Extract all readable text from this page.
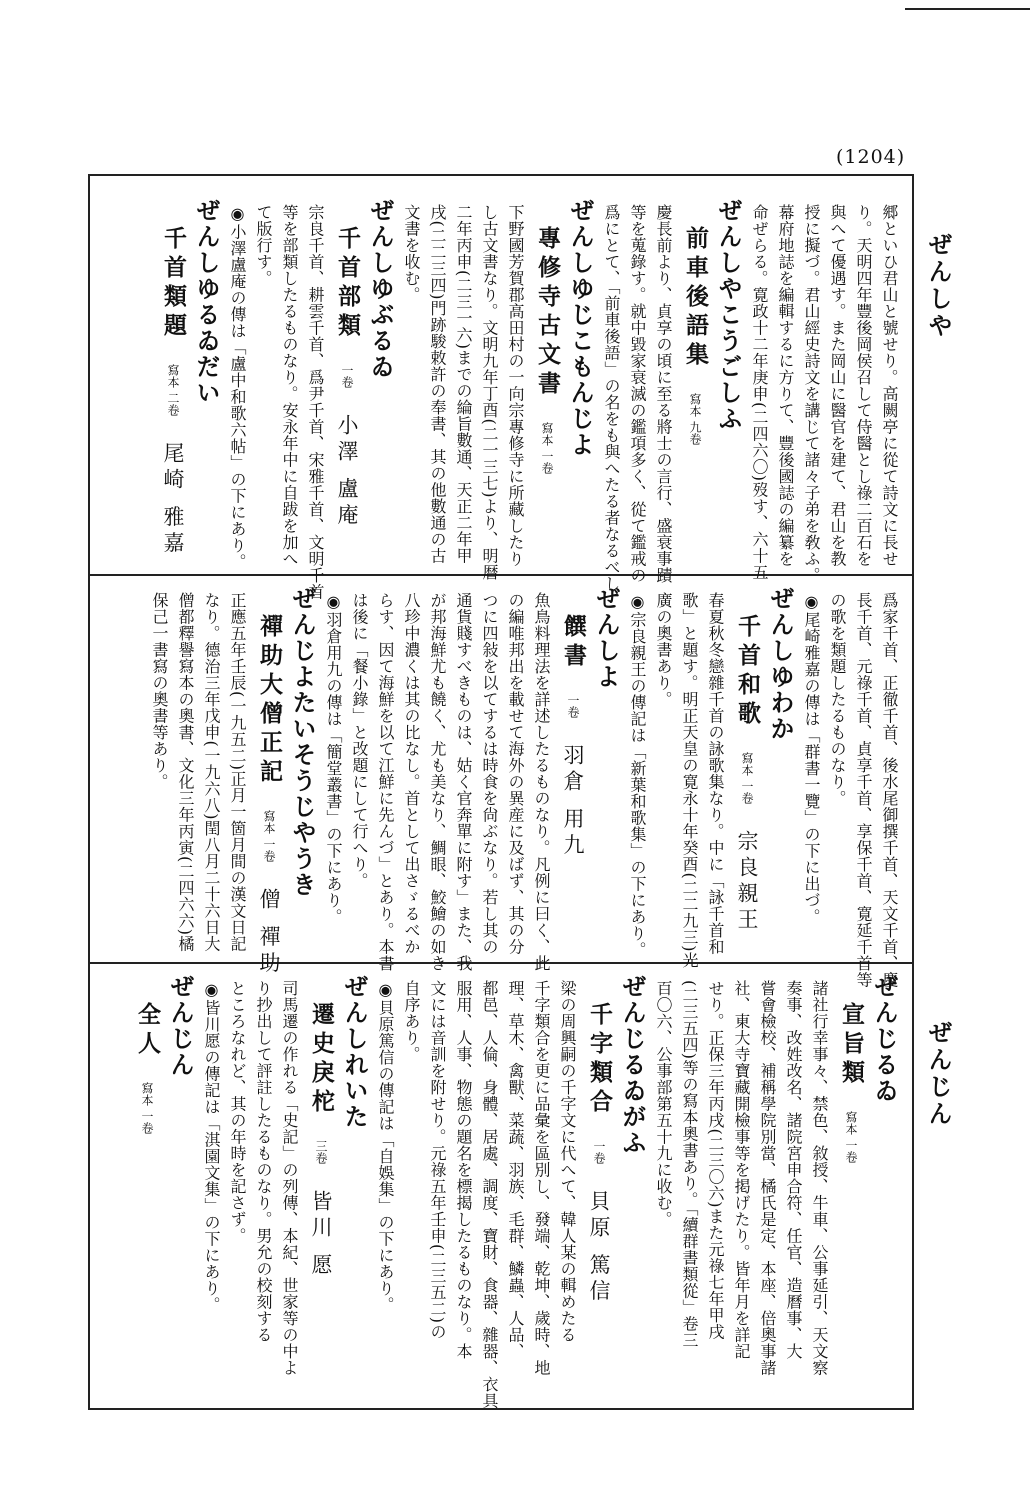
(1204)
ぜんしや
ぜんじん
郷といひ君山と號せり。高闕亭に從て詩文に長せ
り。天明四年豐後岡侯召して侍醫とし祿二百石を
與へて優遇す。また岡山に醫官を建て、君山を教
授に擬づ。君山經史詩文を講じて諸々子弟を敎ふ。
幕府地誌を編輯するに方りて、豐後國誌の編纂を
命ぜらる。寛政十二年庚申(二四六〇)歿す、六十五
ぜんしやこうごしふ
前車後語集寫本 九卷
慶長前より、貞享の頃に至る將士の言行、盛衰事蹟
等を蒐錄す。就中毀家衰滅の鑑項多く、從て鑑戒の
爲にとて、「前車後語」の名をも與へたる者なるべし
ぜんしゆじこもんじよ
專修寺古文書寫本 一卷
下野國芳賀郡高田村の一向宗專修寺に所藏したり
し古文書なり。文明九年丁酉(二一三七)より、明暦
二年丙申(二三一六)までの綸旨數通、天正二年甲
戌(二二三四)門跡駿敕許の奉書、其の他數通の古
文書を收む。
ぜんしゆぶるゐ
千首部類一卷小澤 盧庵
宗良千首、耕雲千首、爲尹千首、宋雅千首、文明千首
等を部類したるものなり。安永年中に自跋を加へ
て版行す。
◉小澤盧庵の傳は「盧中和歌六帖」の下にあり。
ぜんしゆるゐだい
千首類題寫本 二卷尾崎 雅嘉
爲家千首、正徹千首、後水尾御撰千首、天文千首、慶
長千首、元祿千首、貞享千首、享保千首、寛延千首等
の歌を類題したるものなり。
◉尾崎雅嘉の傳は「群書一覽」の下に出づ。
ぜんしゆわか
千首和歌寫本 一卷宗良親王
春夏秋冬戀雜千首の詠歌集なり。中に「詠千首和
歌」と題す。明正天皇の寛永十年癸酉(二二九三)光
廣の奧書あり。
◉宗良親王の傳記は「新葉和歌集」の下にあり。
ぜんしよ
饌書一卷羽倉 用九
魚鳥料理法を詳述したるものなり。凡例に曰く、此
の編唯邦出を載せて海外の異産に及ばず、其の分
つに四敍を以てするは時食を尙ぶなり。若し其の
通貨賤すべきものは、姑く官奔單に附す」また、我
が邦海鮮尤も饒く、尤も美なり、鯛眼、鮫鱠の如き
八珍中濃くは其の比なし。首として出さゞるべか
らす、因て海鮮を以て江鮮に先んづ」とあり。本書
は後に「餐小錄」と改題にして行へり。
◉羽倉用九の傳は「簡堂叢書」の下にあり。
ぜんじよたいそうじやうき
禪助大僧正記寫本 一卷僧 禪助
正應五年壬辰(一九五二)正月一箇月間の漢文日記
なり。德治三年戊申(一九六八)閏八月二十六日大
僧都釋譽寫本の奧書、文化三年丙寅(二四六六)橘
保己一書寫の奧書等あり。
ぜんじるゐ
宣旨類寫本 一卷
諸社行幸事々、禁色、敘授、牛車、公事延引、天文察
奏事、改姓改名、諸院宮申合符、任官、造曆事、大
嘗會檢校、補稱學院別當、橘氏是定、本座、倍奧事諸
社、東大寺寶藏開檢事等を掲げたり。皆年月を詳記
せり。正保三年丙戌(二三〇六)また元祿七年甲戌
(二三五四)等の寫本奧書あり。「續群書類從」卷三
百〇六、公事部第五十九に收む。
ぜんじるゐがふ
千字類合一卷貝原 篤信
梁の周興嗣の千字文に代へて、韓人某の輯めたる
千字類合を更に品彙を區別し、發端、乾坤、歲時、地
理、草木、禽獸、菜蔬、羽族、毛群、鱗蟲、人品、
都邑、人倫、身體、居處、調度、寶財、食器、雜器、衣具
服用、人事、物態の題名を標揭したるものなり。本
文には音訓を附せり。元祿五年壬申(二三五二)の
自序あり。
◉貝原篤信の傳記は「自娛集」の下にあり。
ぜんしれいた
遷史戾柁三卷皆川 愿
司馬遷の作れる「史記」の列傳、本紀、世家等の中よ
り抄出して評註したるものなり。男允の校刻する
ところなれど、其の年時を記さず。
◉皆川愿の傳記は「淇園文集」の下にあり。
ぜんじん
全人寫本 一卷
